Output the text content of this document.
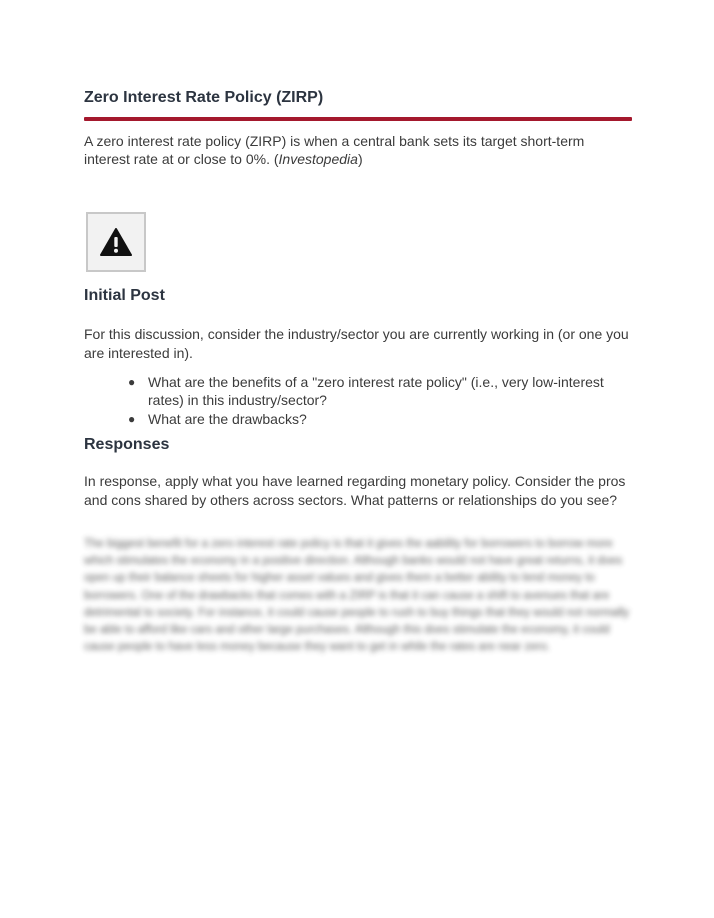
Zero Interest Rate Policy (ZIRP)

A zero interest rate policy (ZIRP) is when a central bank sets its target short-term interest rate at or close to 0%. (Investopedia)

Initial Post

For this discussion, consider the industry/sector you are currently working in (or one you are interested in).

● What are the benefits of a "zero interest rate policy" (i.e., very low-interest rates) in this industry/sector?
● What are the drawbacks?
Responses

In response, apply what you have learned regarding monetary policy. Consider the pros and cons shared by others across sectors. What patterns or relationships do you see?

The biggest benefit for a zero interest rate policy is that it gives the aability for borrowers to borrow more which stimulates the economy in a positive direction. Although banks would not have great returns, it does open up their balance sheets for higher asset values and gives them a better ability to lend money to borrowers. One of the drawbacks that comes with a ZIRP is that it can cause a shift to avenues that are detrimental to society. For instance, it could cause people to rush to buy things that they would not normally be able to afford like cars and other large purchases. Although this does stimulate the economy, it could cause people to have less money because they want to get in while the rates are near zero.
